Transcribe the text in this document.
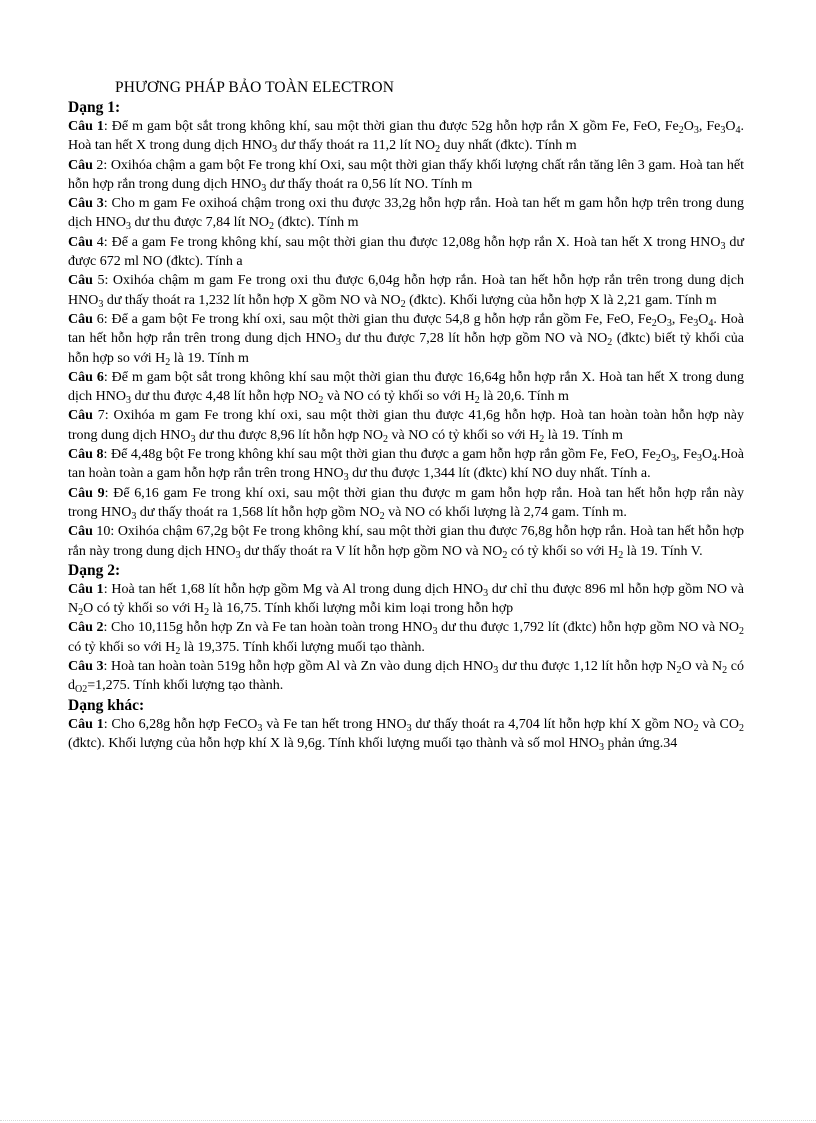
PHƯƠNG PHÁP BẢO TOÀN ELECTRON
Dạng 1:

Câu 1: Để m gam bột sắt trong không khí, sau một thời gian thu được 52g hỗn hợp rắn X gồm Fe, FeO, $Fe_2O_3$, $Fe_3O_4$. Hoà tan hết X trong dung dịch $HNO_3$ dư thấy thoát ra 11,2 lít $NO_2$ duy nhất (đktc). Tính m

Câu 2: Oxihóa chậm a gam bột Fe trong khí Oxi, sau một thời gian thấy khối lượng chất rắn tăng lên 3 gam. Hoà tan hết hỗn hợp rắn trong dung dịch $HNO_3$ dư thấy thoát ra 0,56 lít NO. Tính m

Câu 3: Cho m gam Fe oxihoá chậm trong oxi thu được 33,2g hỗn hợp rắn. Hoà tan hết m gam hỗn hợp trên trong dung dịch $HNO_3$ dư thu được 7,84 lít $NO_2$ (đktc). Tính m

Câu 4: Để a gam Fe trong không khí, sau một thời gian thu được 12,08g hỗn hợp rắn X. Hoà tan hết X trong $HNO_3$ dư được 672 ml NO (đktc). Tính a

Câu 5: Oxihóa chậm m gam Fe trong oxi thu được 6,04g hỗn hợp rắn. Hoà tan hết hỗn hợp rắn trên trong dung dịch $HNO_3$ dư thấy thoát ra 1,232 lít hỗn hợp X gồm NO và $NO_2$ (đktc). Khối lượng của hỗn hợp X là 2,21 gam. Tính m

Câu 6: Để a gam bột Fe trong khí oxi, sau một thời gian thu được 54,8 g hỗn hợp rắn gồm Fe, FeO, $Fe_2O_3$, $Fe_3O_4$. Hoà tan hết hỗn hợp rắn trên trong dung dịch $HNO_3$ dư thu được 7,28 lít hỗn hợp gồm NO và $NO_2$ (đktc) biết tỷ khối của hỗn hợp so với $H_2$ là 19. Tính m

Câu 6: Để m gam bột sắt trong không khí sau một thời gian thu được 16,64g hỗn hợp rắn X. Hoà tan hết X trong dung dịch $HNO_3$ dư thu được 4,48 lít hỗn hợp $NO_2$ và NO có tỷ khối so với $H_2$ là 20,6. Tính m

Câu 7: Oxihóa m gam Fe trong khí oxi, sau một thời gian thu được 41,6g hỗn hợp. Hoà tan hoàn toàn hỗn hợp này trong dung dịch $HNO_3$ dư thu được 8,96 lít hỗn hợp $NO_2$ và NO có tỷ khối so với $H_2$ là 19. Tính m

Câu 8: Để 4,48g bột Fe trong không khí sau một thời gian thu được a gam hỗn hợp rắn gồm Fe, FeO, $Fe_2O_3$, $Fe_3O_4.Hoà$ tan hoàn toàn a gam hỗn hợp rắn trên trong $HNO_3$ dư thu được 1,344 lít (đktc) khí NO duy nhất. Tính a.

Câu 9: Để 6,16 gam Fe trong khí oxi, sau một thời gian thu được m gam hỗn hợp rắn. Hoà tan hết hỗn hợp rắn này trong $HNO_3$ dư thấy thoát ra 1,568 lít hỗn hợp gồm $NO_2$ và NO có khối lượng là 2,74 gam. Tính m.

Câu 10: Oxihóa chậm 67,2g bột Fe trong không khí, sau một thời gian thu được 76,8g hỗn hợp rắn. Hoà tan hết hỗn hợp rắn này trong dung dịch $HNO_3$ dư thấy thoát ra V lít hỗn hợp gồm NO và $NO_2$ có tỷ khối so với $H_2$ là 19. Tính V.

Dạng 2:

Câu 1: Hoà tan hết 1,68 lít hỗn hợp gồm Mg và Al trong dung dịch $HNO_3$ dư chỉ thu được 896 ml hỗn hợp gồm NO và $N_2O$ có tỷ khối so với $H_2$ là 16,75. Tính khối lượng mỗi kim loại trong hỗn hợp

Câu 2: Cho 10,115g hỗn hợp Zn và Fe tan hoàn toàn trong $HNO_3$ dư thu được 1,792 lít (đktc) hỗn hợp gồm NO và $NO_2$ có tỷ khối so với $H_2$ là 19,375. Tính khối lượng muối tạo thành.

Câu 3: Hoà tan hoàn toàn 519g hỗn hợp gồm Al và Zn vào dung dịch $HNO_3$ dư thu được 1,12 lít hỗn hợp $N_2O$ và $N_2$ có $d_{O2}=1,275$. Tính khối lượng tạo thành.

Dạng khác:

Câu 1: Cho 6,28g hỗn hợp FeCO$_3$ và Fe tan hết trong $HNO_3$ dư thấy thoát ra 4,704 lít hỗn hợp khí X gồm $NO_2$ và $CO_2$ (đktc). Khối lượng của hỗn hợp khí X là 9,6g. Tính khối lượng muối tạo thành và số mol $HNO_3$ phản ứng.34
